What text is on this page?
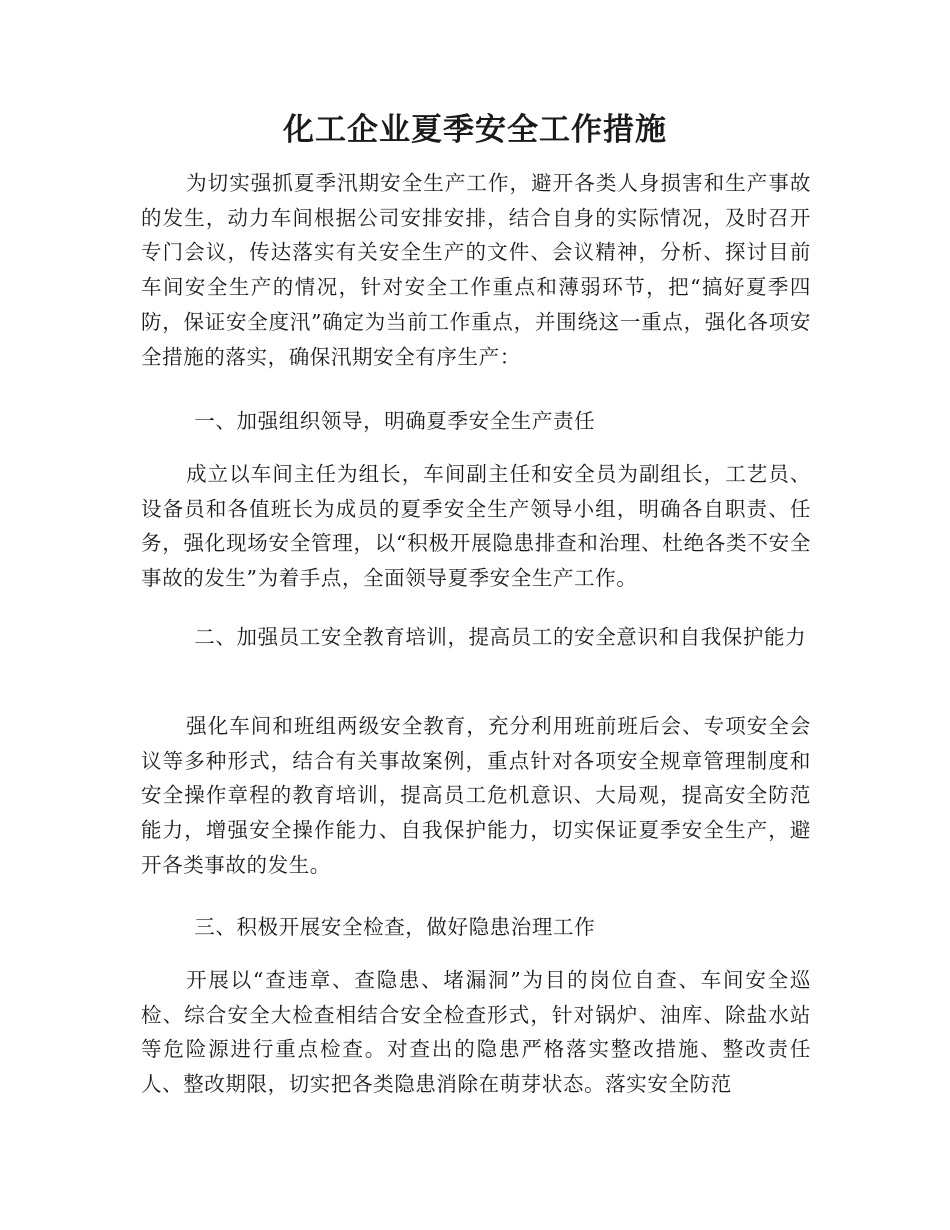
化工企业夏季安全工作措施

为切实强抓夏季汛期安全生产工作，避开各类人身损害和生产事故的发生，动力车间根据公司安排安排，结合自身的实际情况，及时召开专门会议，传达落实有关安全生产的文件、会议精神，分析、探讨目前车间安全生产的情况，针对安全工作重点和薄弱环节，把“搞好夏季四防，保证安全度汛”确定为当前工作重点，并围绕这一重点，强化各项安全措施的落实，确保汛期安全有序生产：

一、加强组织领导，明确夏季安全生产责任

成立以车间主任为组长，车间副主任和安全员为副组长，工艺员、设备员和各值班长为成员的夏季安全生产领导小组，明确各自职责、任务，强化现场安全管理，以“积极开展隐患排查和治理、杜绝各类不安全事故的发生”为着手点，全面领导夏季安全生产工作。

二、加强员工安全教育培训，提高员工的安全意识和自我保护能力

强化车间和班组两级安全教育，充分利用班前班后会、专项安全会议等多种形式，结合有关事故案例，重点针对各项安全规章管理制度和安全操作章程的教育培训，提高员工危机意识、大局观，提高安全防范能力，增强安全操作能力、自我保护能力，切实保证夏季安全生产，避开各类事故的发生。

三、积极开展安全检查，做好隐患治理工作

开展以“查违章、查隐患、堵漏洞”为目的岗位自查、车间安全巡检、综合安全大检查相结合安全检查形式，针对锅炉、油库、除盐水站等危险源进行重点检查。对查出的隐患严格落实整改措施、整改责任人、整改期限，切实把各类隐患消除在萌芽状态。落实安全防范
